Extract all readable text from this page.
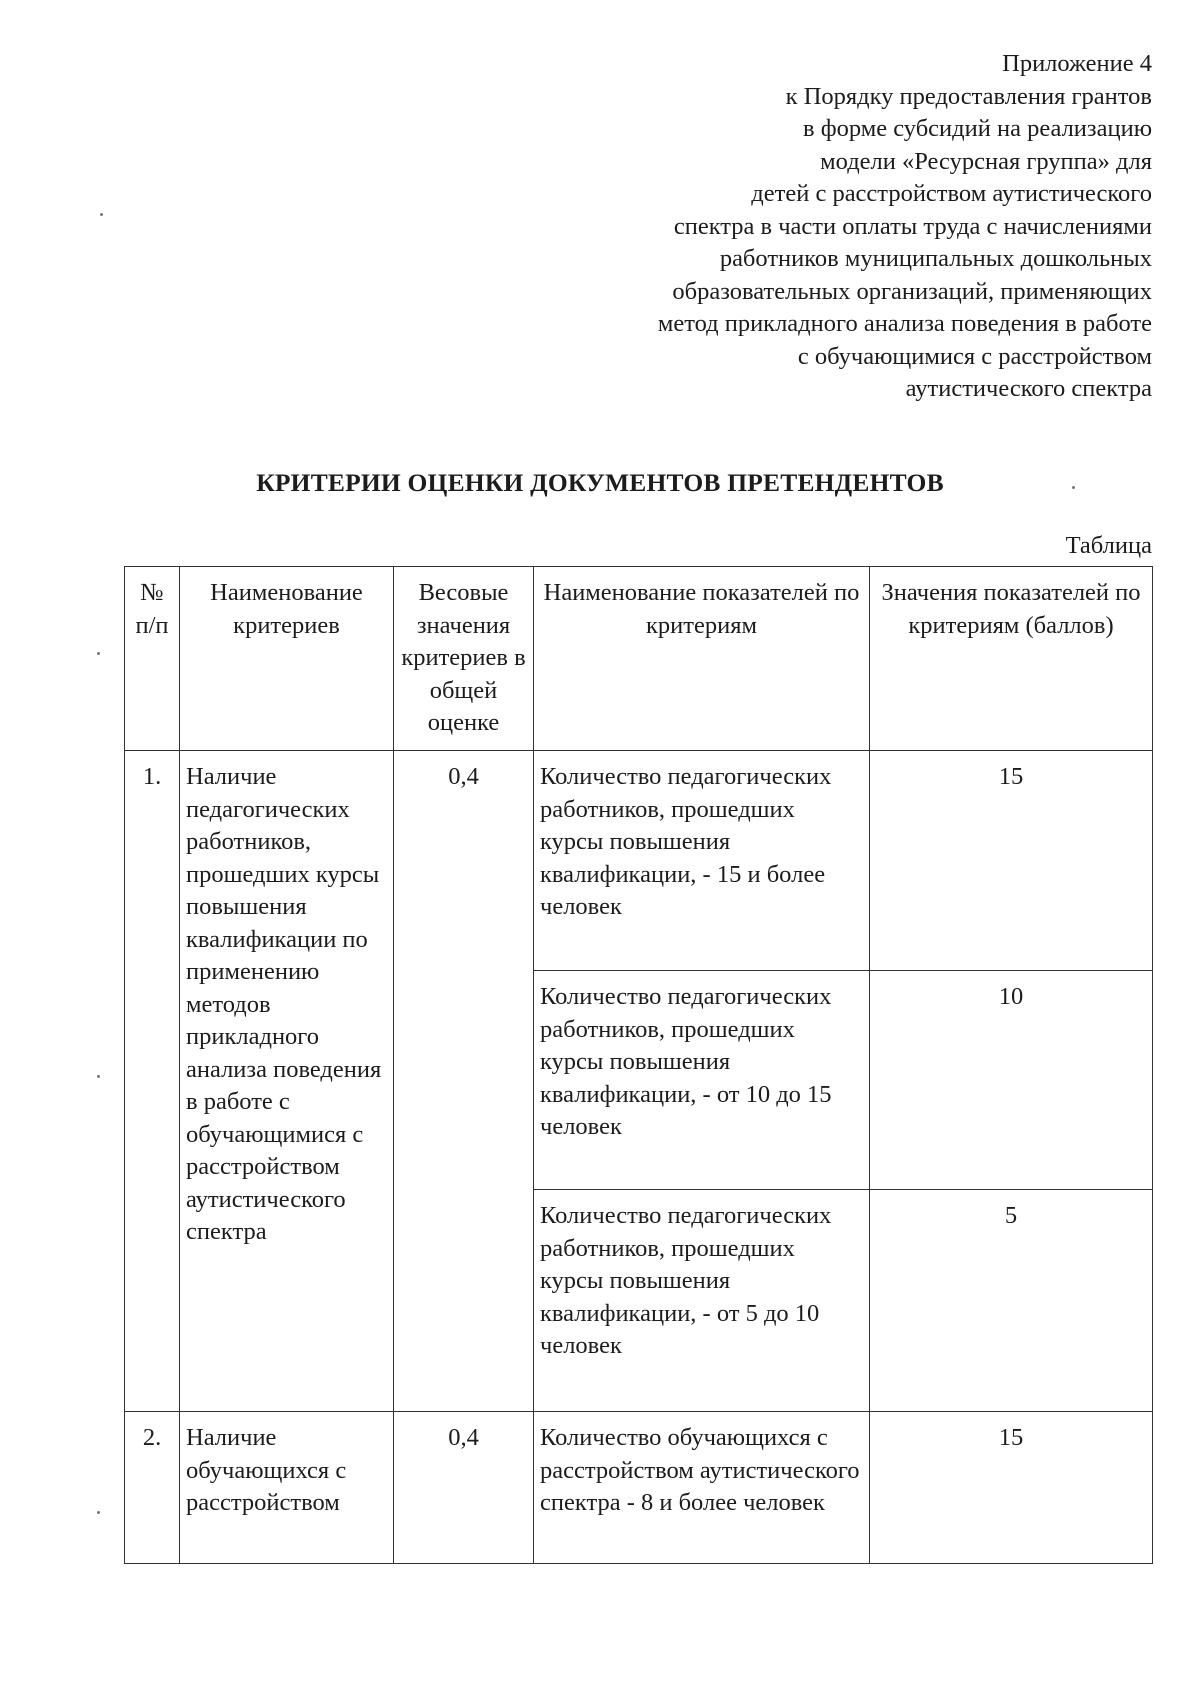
Приложение 4
к Порядку предоставления грантов
в форме субсидий на реализацию
модели «Ресурсная группа» для
детей с расстройством аутистического
спектра в части оплаты труда с начислениями
работников муниципальных дошкольных
образовательных организаций, применяющих
метод прикладного анализа поведения в работе
с обучающимися с расстройством
аутистического спектра
КРИТЕРИИ ОЦЕНКИ ДОКУМЕНТОВ ПРЕТЕНДЕНТОВ
Таблица
№ п/п	Наименование критериев	Весовые значения критериев в общей оценке	Наименование показателей по критериям	Значения показателей по критериям (баллов)
1.	Наличие педагогических работников, прошедших курсы повышения квалификации по применению методов прикладного анализа поведения в работе с обучающимися с расстройством аутистического спектра	0,4	Количество педагогических работников, прошедших курсы повышения квалификации, - 15 и более человек	15
			Количество педагогических работников, прошедших курсы повышения квалификации, - от 10 до 15 человек	10
			Количество педагогических работников, прошедших курсы повышения квалификации, - от 5 до 10 человек	5
2.	Наличие обучающихся с расстройством	0,4	Количество обучающихся с расстройством аутистического спектра - 8 и более человек	15
